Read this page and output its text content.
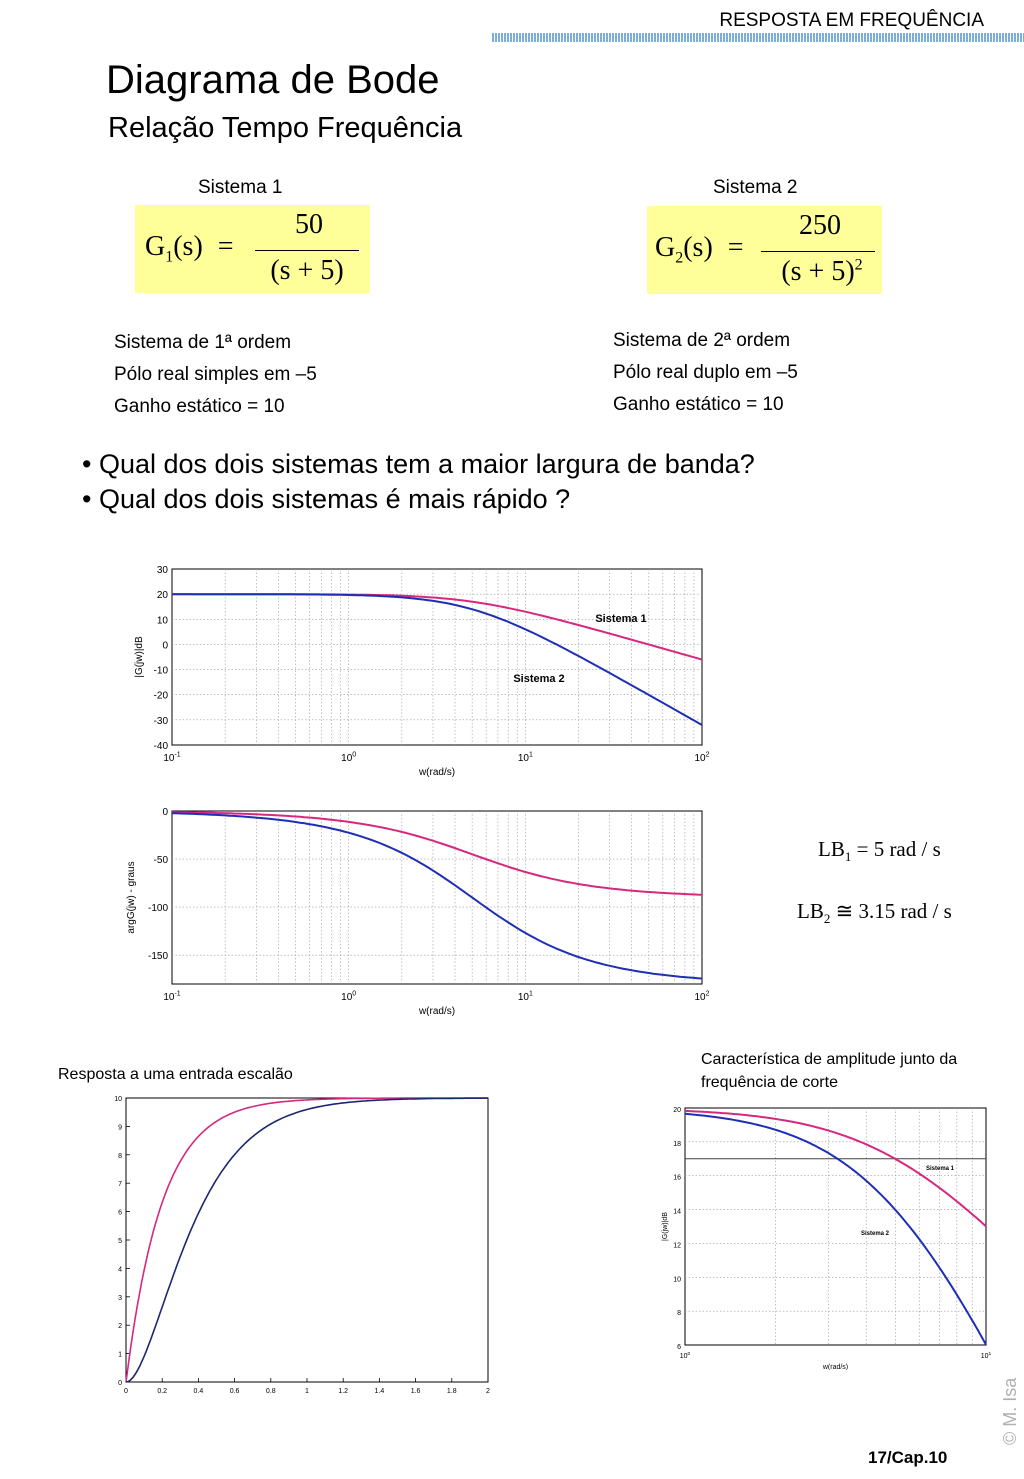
RESPOSTA EM FREQUÊNCIA
Diagrama de Bode
Relação Tempo Frequência
Sistema 1
$G_1(s)$ =
50
(s + 5)
Sistema de 1ª ordem
Pólo real simples em –5
Ganho estático = 10
Sistema 2
$G_2(s)$ =
250
$(s + 5)^2$
Sistema de 2ª ordem
Pólo real duplo em –5
Ganho estático = 10
• Qual dos dois sistemas tem a maior largura de banda?
• Qual dos dois sistemas é mais rápido ?
$LB_1 = 5$ rad / s
$LB_2$ ≅ 3.15 rad / s
Resposta a uma entrada escalão
Característica de amplitude junto da
frequência de corte
30
20
10
0
-10
-20
-30
-40
$10^{-1}$	$10^0$	$10^1$	$10^2$
Sistema 1
Sistema 2
w(rad/s)
|G(jw)|dB
0
-50
-100
-150
$10^{-1}$	$10^0$	$10^1$	$10^2$
w(rad/s)
argG(jw) - graus
0
1
2
3
4
5
6
7
8
9
10
0	0.2	0.4	0.6	0.8	1	1.2	1.4	1.6	1.8	2
20
18
16
14
12
10
8
6
$10^0$	$10^1$
Sistema 1
Sistema 2
w(rad/s)
|G(jw)|dB
© M. Isa
17/Cap.10
